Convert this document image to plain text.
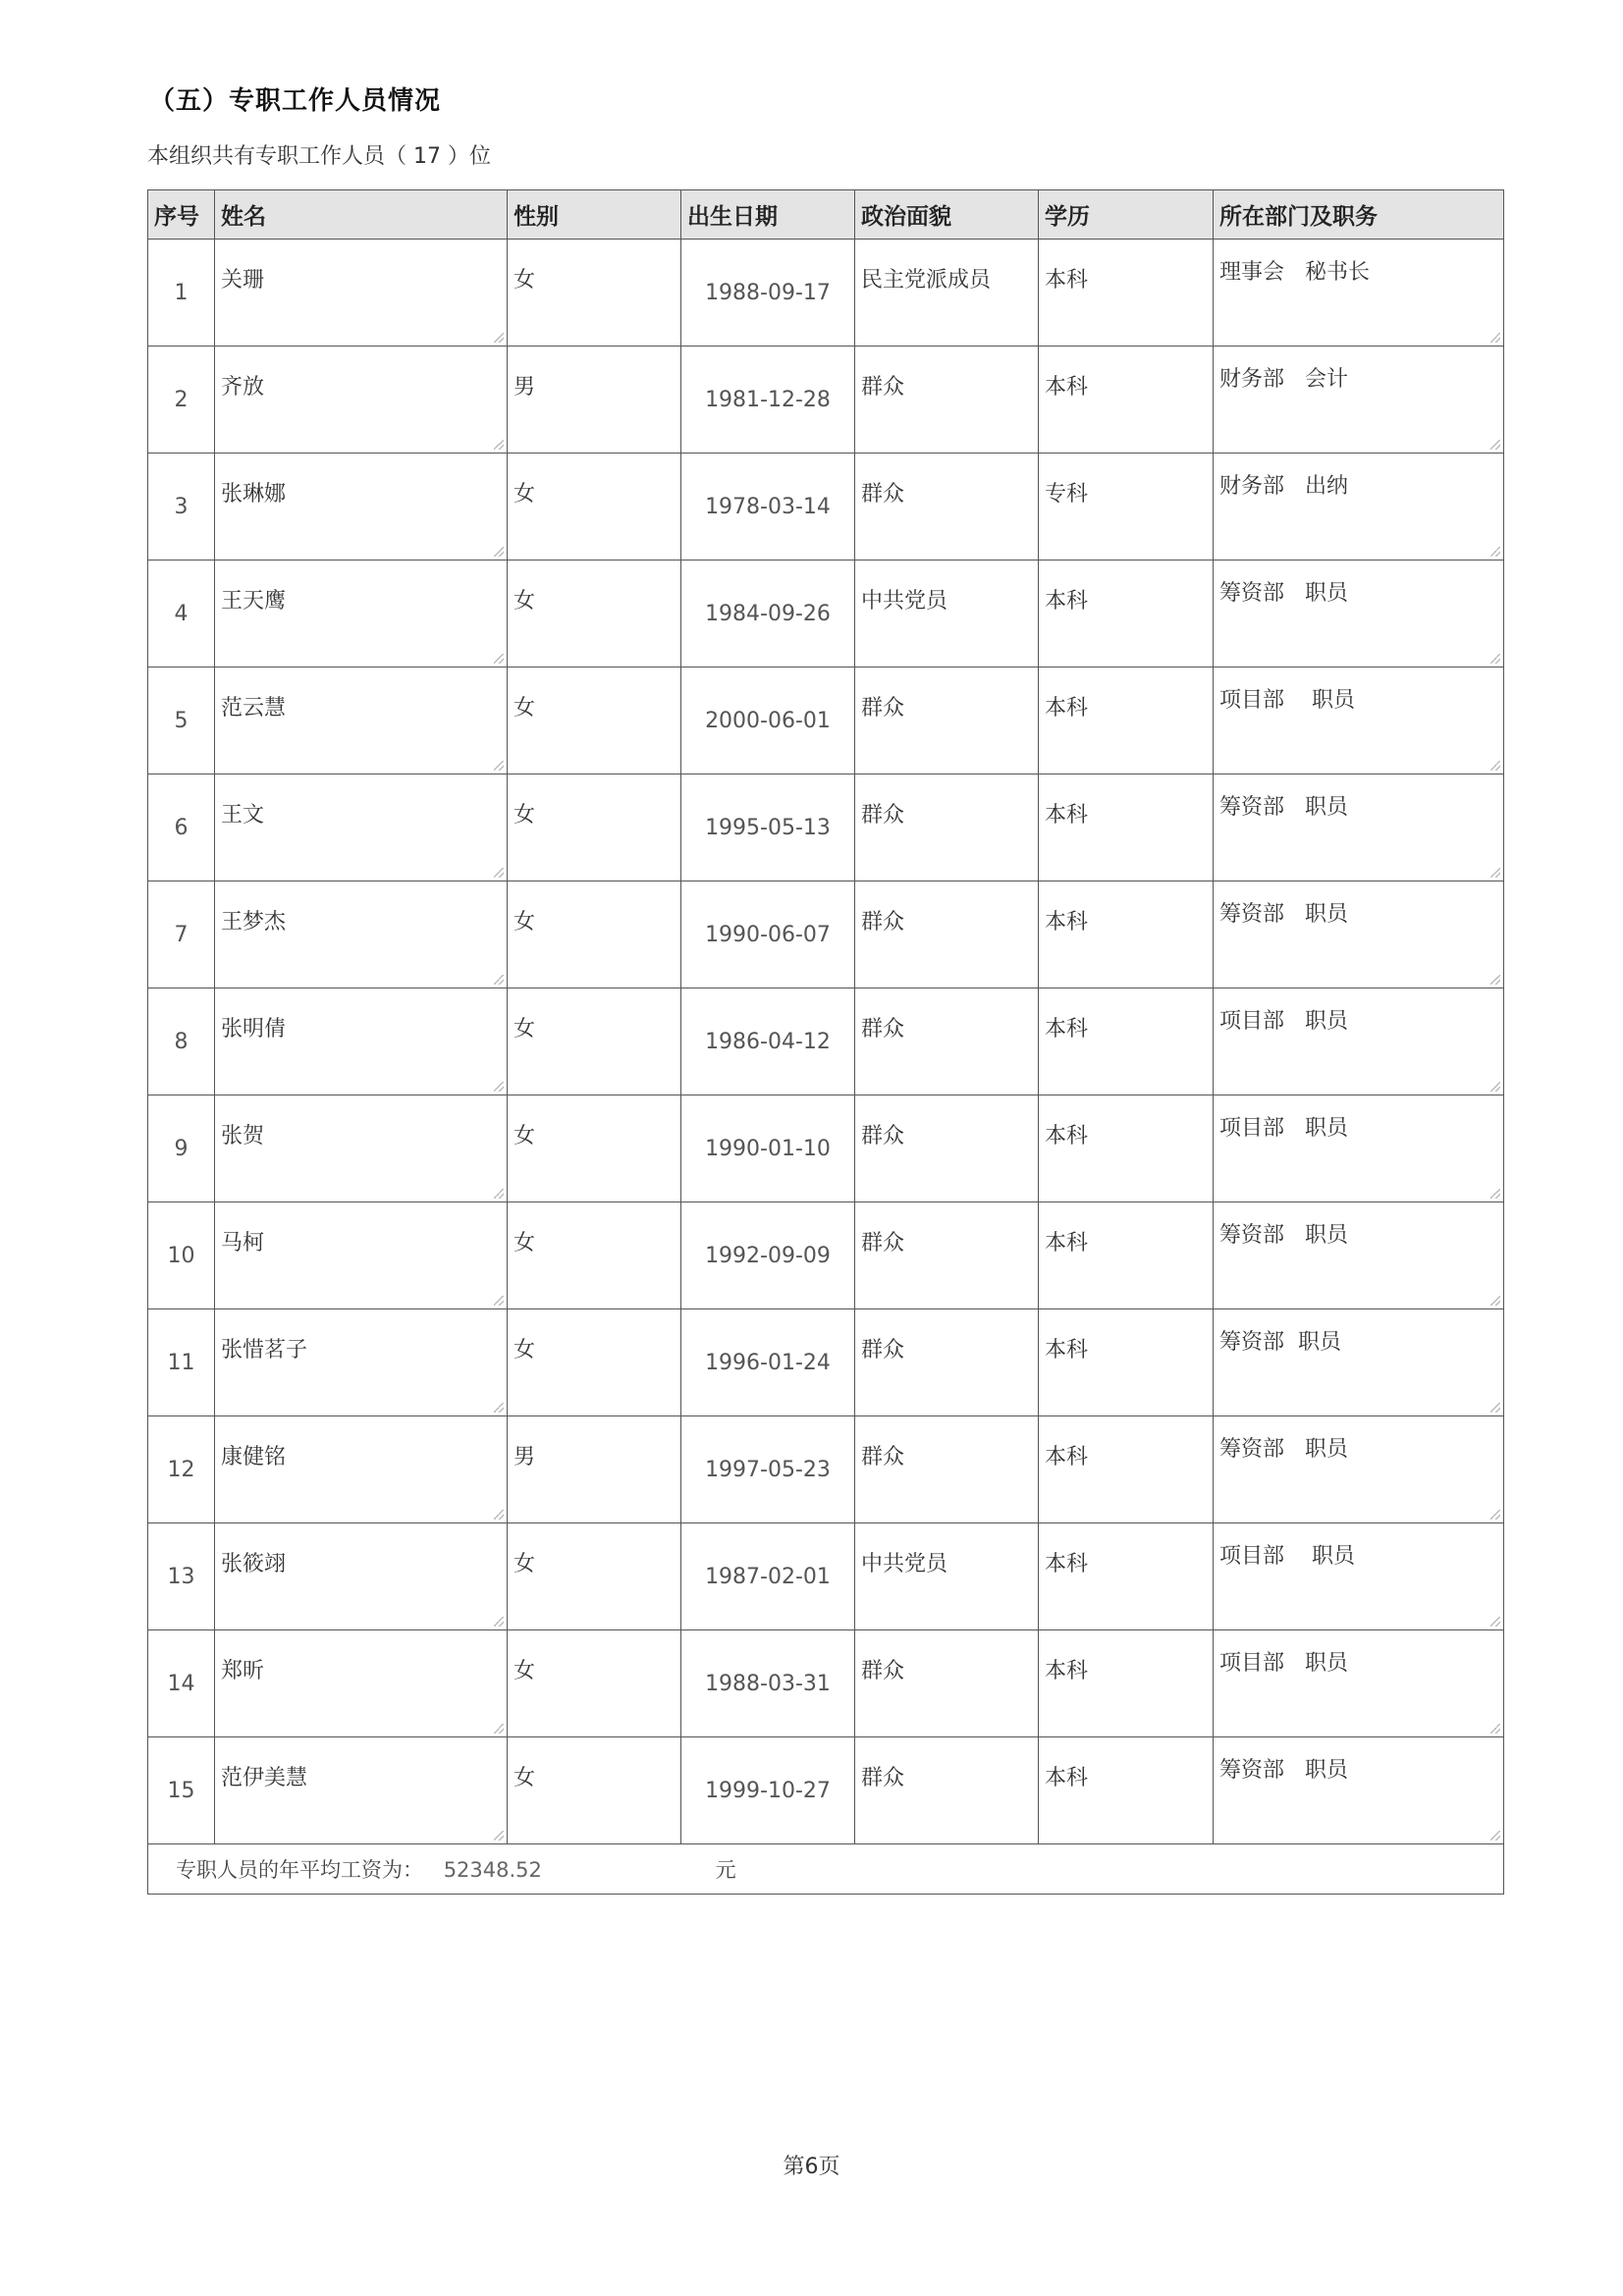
（五）专职工作人员情况
本组织共有专职工作人员（ 17 ）位
序号	姓名	性别	出生日期	政治面貌	学历	所在部门及职务
1	关珊	女	1988-09-17	民主党派成员	本科	理事会   秘书长

2	齐放	男	1981-12-28	群众	本科	财务部   会计

3	张琳娜	女	1978-03-14	群众	专科	财务部   出纳

4	王天鹰	女	1984-09-26	中共党员	本科	筹资部   职员

5	范云慧	女	2000-06-01	群众	本科	项目部    职员

6	王文	女	1995-05-13	群众	本科	筹资部   职员

7	王梦杰	女	1990-06-07	群众	本科	筹资部   职员

8	张明倩	女	1986-04-12	群众	本科	项目部   职员

9	张贺	女	1990-01-10	群众	本科	项目部   职员

10	马柯	女	1992-09-09	群众	本科	筹资部   职员

11	张惜茗子	女	1996-01-24	群众	本科	筹资部  职员

12	康健铭	男	1997-05-23	群众	本科	筹资部   职员

13	张筱翊	女	1987-02-01	中共党员	本科	项目部    职员

14	郑昕	女	1988-03-31	群众	本科	项目部   职员

15	范伊美慧	女	1999-10-27	群众	本科	筹资部   职员

专职人员的年平均工资为： 52348.52 元						
第6页
